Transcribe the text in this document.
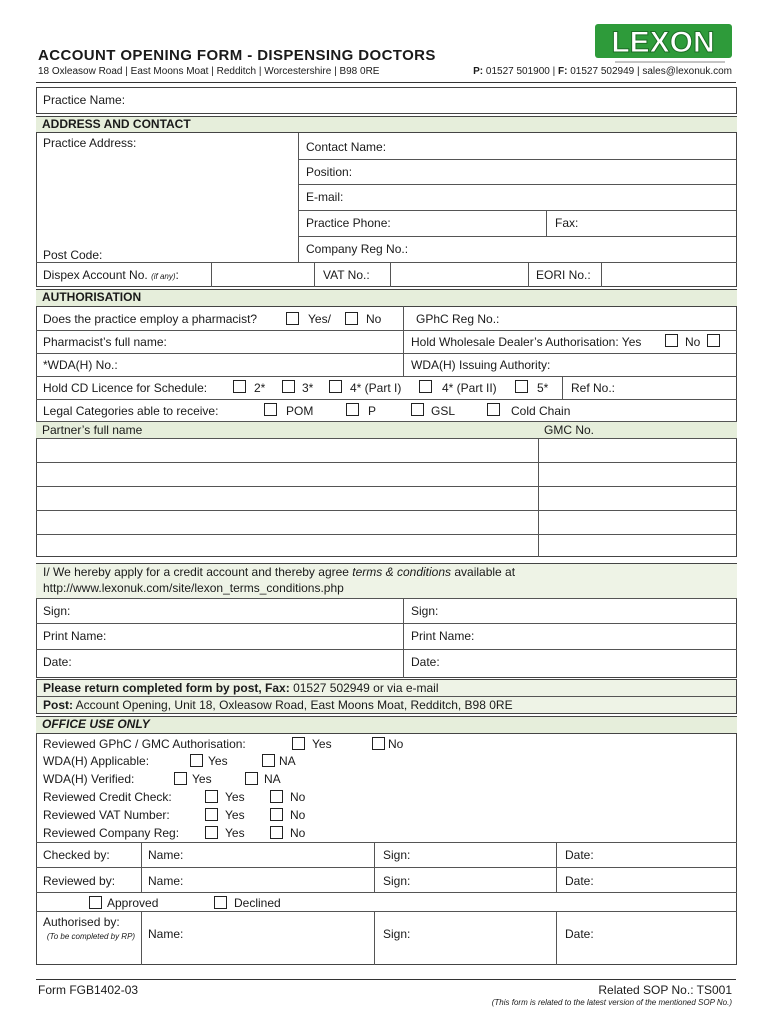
ACCOUNT OPENING FORM - DISPENSING DOCTORS
18 Oxleasow Road | East Moons Moat | Redditch | Worcestershire | B98 0RE	P: 01527 501900 | F: 01527 502949 | sales@lexonuk.com
LEXON
Practice Name:
ADDRESS AND CONTACT
Practice Address:
Post Code:
Contact Name:
Position:
E-mail:
Practice Phone:	Fax:
Company Reg No.:
Dispex Account No. (if any):	VAT No.:	EORI No.:
AUTHORISATION
Does the practice employ a pharmacist?	Yes/	No	GPhC Reg No.:
Pharmacist’s full name:	Hold Wholesale Dealer’s Authorisation: Yes	No
*WDA(H) No.:	WDA(H) Issuing Authority:
Hold CD Licence for Schedule:	2*	3*	4* (Part I)	4* (Part II)	5* Ref No.:
Legal Categories able to receive:	POM	P	GSL	Cold Chain
Partner’s full name	GMC No.
I/ We hereby apply for a credit account and thereby agree terms & conditions available at
http://www.lexonuk.com/site/lexon_terms_conditions.php
Sign:	Sign:
Print Name:	Print Name:
Date:	Date:
Please return completed form by post, Fax: 01527 502949 or via e-mail
Post: Account Opening, Unit 18, Oxleasow Road, East Moons Moat, Redditch, B98 0RE
OFFICE USE ONLY
Reviewed GPhC / GMC Authorisation:	Yes	No
WDA(H) Applicable:	Yes	NA
WDA(H) Verified:	Yes	NA
Reviewed Credit Check:	Yes	No
Reviewed VAT Number:	Yes	No
Reviewed Company Reg:	Yes	No
Checked by:	Name:	Sign:	Date:
Reviewed by:	Name:	Sign:	Date:
Approved	Declined
Authorised by:
(To be completed by RP)	Name:	Sign:	Date:
Form FGB1402-03	Related SOP No.: TS001
(This form is related to the latest version of the mentioned SOP No.)
